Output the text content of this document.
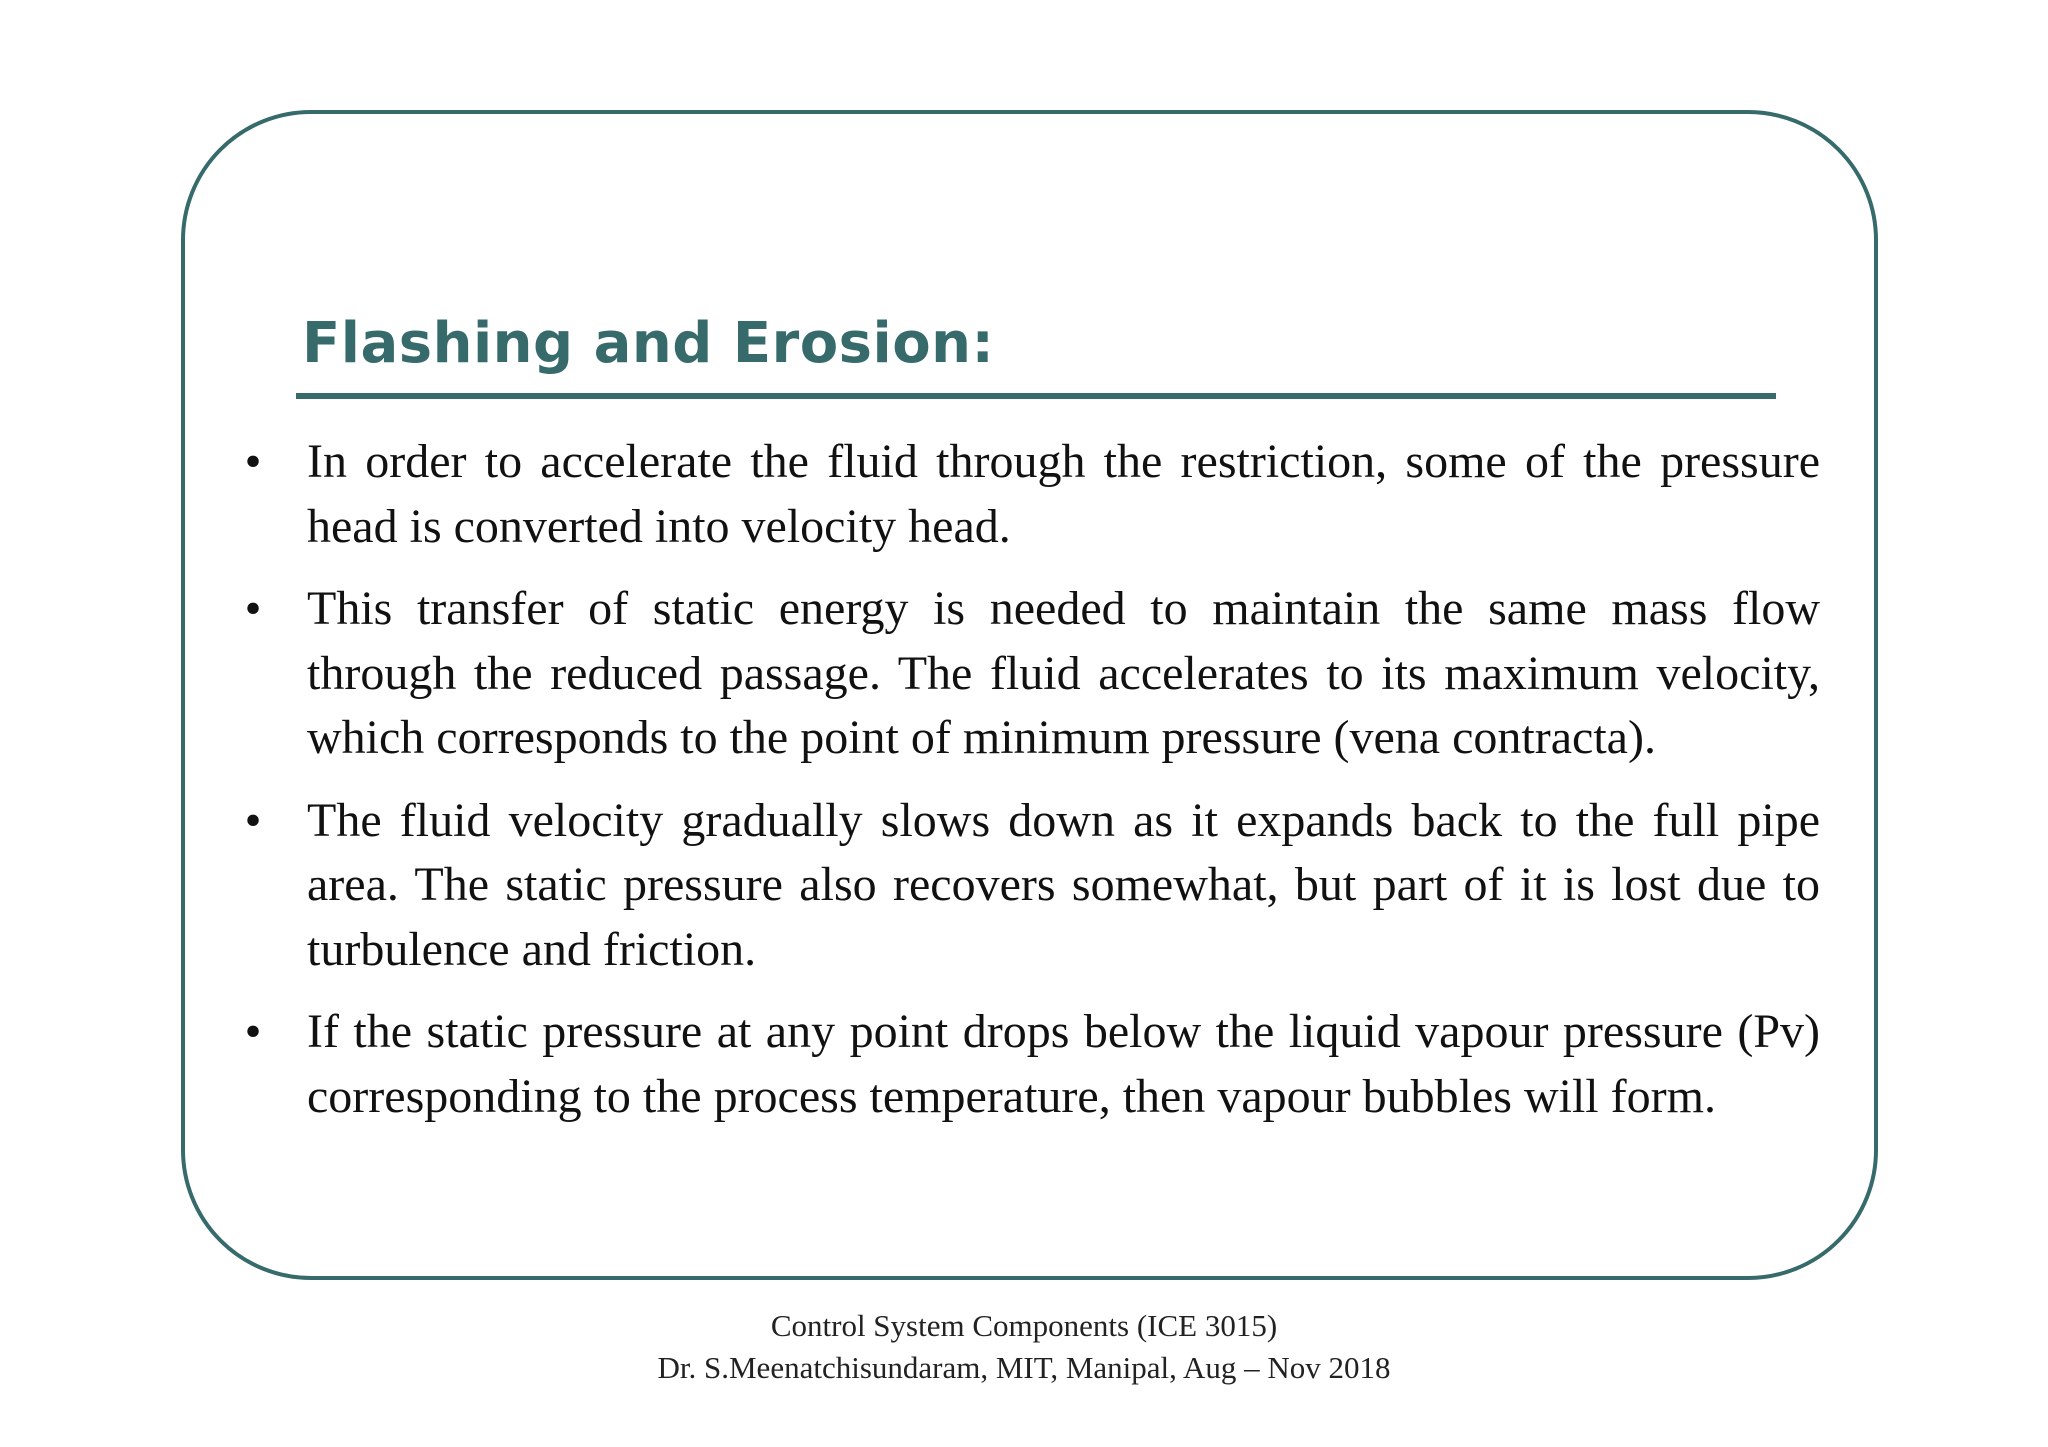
Flashing and Erosion:
• In order to accelerate the fluid through the restriction, some of the pressure head is converted into velocity head.
• This transfer of static energy is needed to maintain the same mass flow through the reduced passage. The fluid accelerates to its maximum velocity, which corresponds to the point of minimum pressure (vena contracta).
• The fluid velocity gradually slows down as it expands back to the full pipe area. The static pressure also recovers somewhat, but part of it is lost due to turbulence and friction.
• If the static pressure at any point drops below the liquid vapour pressure (Pv) corresponding to the process temperature, then vapour bubbles will form.
Control System Components (ICE 3015)
Dr. S.Meenatchisundaram, MIT, Manipal, Aug – Nov 2018
